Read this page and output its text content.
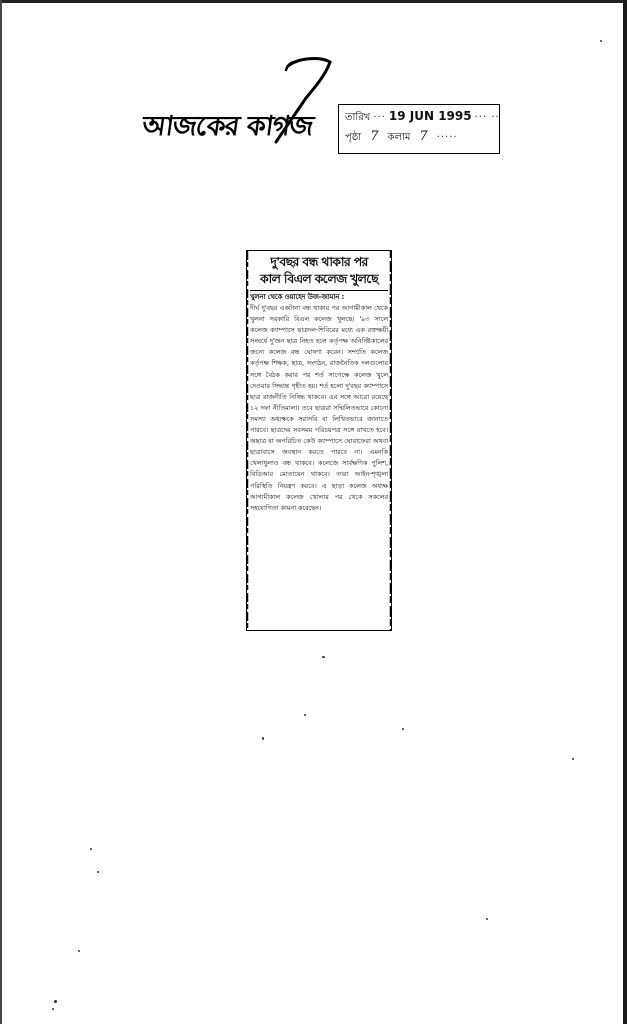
আজকের কাগজ	তারিখ ··· 19 JUN 1995 ··· ··
পৃষ্ঠা 7 কলাম 7 ·····
দু'বছর বন্ধ থাকার পর
কাল বিএল কলেজ খুলছে
খুলনা থেকে ওয়াহেদ উজ-জামান :
দীর্ঘ দু'বছর একটানা বন্ধ থাকার পর আগামীকাল থেকে খুলনা সরকারি বিএল কলেজ খুলছে। '৯৩ সালে কলেজ ক্যাম্পাসে ছাত্রদল-শিবিরের মধ্যে এক রক্তক্ষয়ী সংঘর্ষে দু'জন ছাত্র নিহত হলে কর্তৃপক্ষ অনির্দিষ্টকালের জন্যে কলেজ বন্ধ ঘোষণা করেন। সম্প্রতি কলেজ কর্তৃপক্ষ শিক্ষক, ছাত্র, সংগঠন, রাজনৈতিক দলগুলোর সঙ্গে বৈঠক করার পর শর্ত সাপেক্ষে কলেজ খুলে দেওয়ার সিদ্ধান্ত গৃহীত হয়। শর্ত হলো দু'বছর ক্যাম্পাসে ছাত্র রাজনীতি নিষিদ্ধ থাকবে। এর সঙ্গে আরো রয়েছে ১২ দফা নীতিমালা। তবে ছাত্ররা সম্মিলিতভাবে কোনো সমস্যা অধ্যক্ষকে সরাসরি বা লিখিতভাবে জানাতে পারবে। ছাত্রদের সবসময় পরিচয়পত্র সঙ্গে রাখতে হবে। অছাত্র বা অপরিচিত কেউ ক্যাম্পাসে ঘোরাফেরা অথবা ছাত্রাবাসে অবস্থান করতে পারবে না। এমনকি খেলাধুলাও বন্ধ থাকবে। কলেজে সার্বক্ষণিক পুলিশ, বিডিআর মোতায়েন থাকবে। তারা আইন-শৃঙ্খলা পরিস্থিতি নিয়ন্ত্রণ করবে। এ ছাড়া কলেজ অধ্যক্ষ আগামীকাল কলেজ খোলার পর থেকে সকলের সহযোগিতা কামনা করেছেন।
